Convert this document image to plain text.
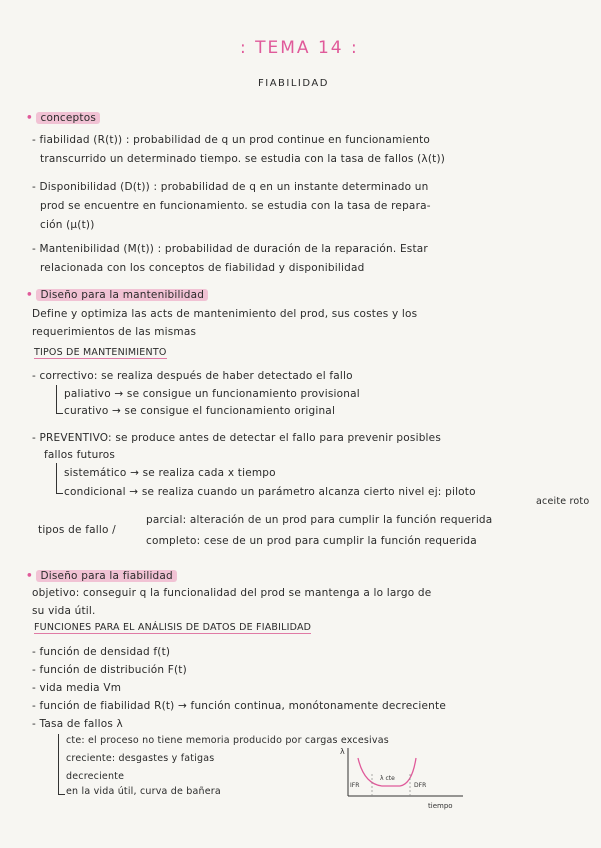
: TEMA 14 :
FIABILIDAD
• conceptos
- fiabilidad (R(t)) : probabilidad de q un prod continue en funcionamiento
transcurrido un determinado tiempo. se estudia con la tasa de fallos (λ(t))
- Disponibilidad (D(t)) : probabilidad de q en un instante determinado un
prod se encuentre en funcionamiento. se estudia con la tasa de repara-
ción (μ(t))
- Mantenibilidad (M(t)) : probabilidad de duración de la reparación. Estar
relacionada con los conceptos de fiabilidad y disponibilidad
• Diseño para la mantenibilidad
Define y optimiza las acts de mantenimiento del prod, sus costes y los
requerimientos de las mismas
TIPOS DE MANTENIMIENTO
- correctivo: se realiza después de haber detectado el fallo
paliativo → se consigue un funcionamiento provisional
curativo → se consigue el funcionamiento original
- PREVENTIVO: se produce antes de detectar el fallo para prevenir posibles
fallos futuros
sistemático → se realiza cada x tiempo
condicional → se realiza cuando un parámetro alcanza cierto nivel ej: piloto
aceite roto
tipos de fallo /
parcial: alteración de un prod para cumplir la función requerida
completo: cese de un prod para cumplir la función requerida
• Diseño para la fiabilidad
objetivo: conseguir q la funcionalidad del prod se mantenga a lo largo de
su vida útil.
FUNCIONES PARA EL ANÁLISIS DE DATOS DE FIABILIDAD
- función de densidad f(t)
- función de distribución F(t)
- vida media Vm
- función de fiabilidad R(t) → función continua, monótonamente decreciente
- Tasa de fallos λ
cte: el proceso no tiene memoria producido por cargas excesivas
creciente: desgastes y fatigas
decreciente
en la vida útil, curva de bañera
λ
IFR
λ cte
DFR
tiempo
